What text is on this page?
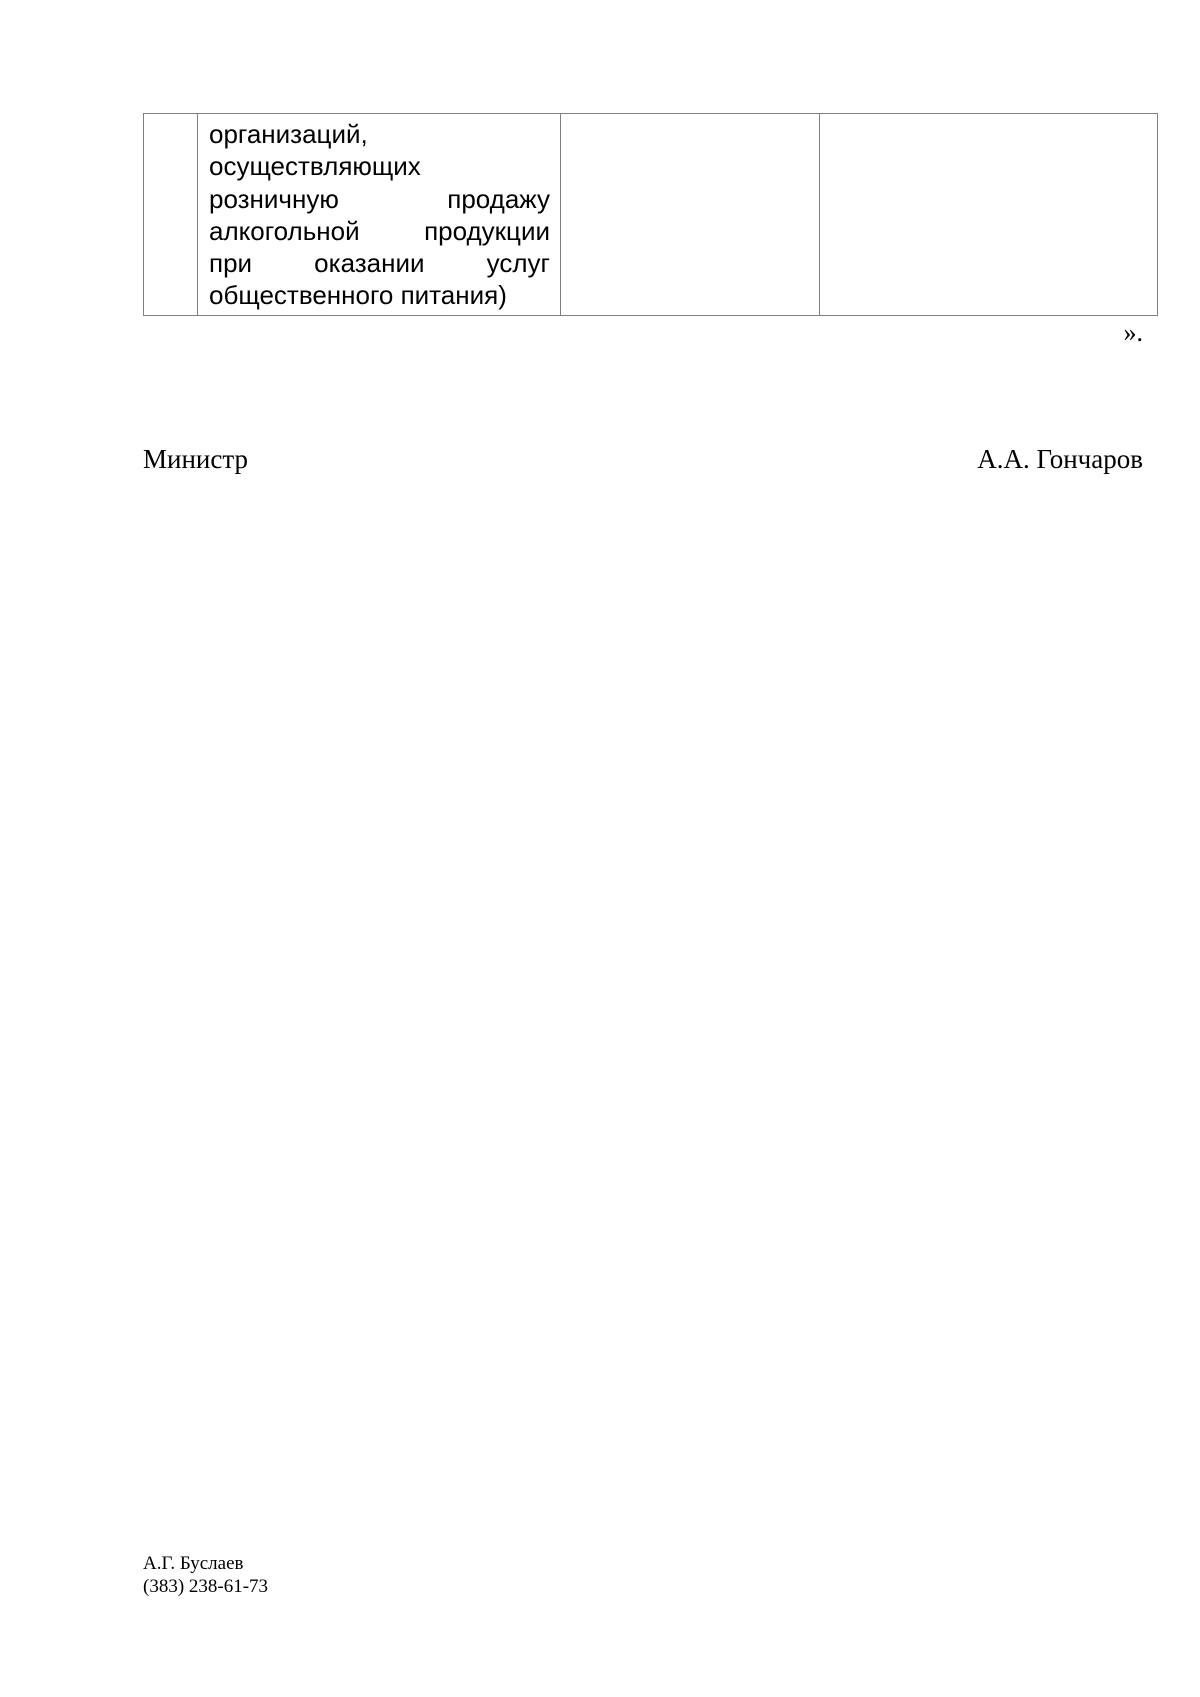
организаций,
осуществляющих
розничную	продажу
алкогольной продукции
при оказании услуг
общественного питания)

».
Министр	А.А. Гончаров
А.Г. Буслаев
(383) 238-61-73
